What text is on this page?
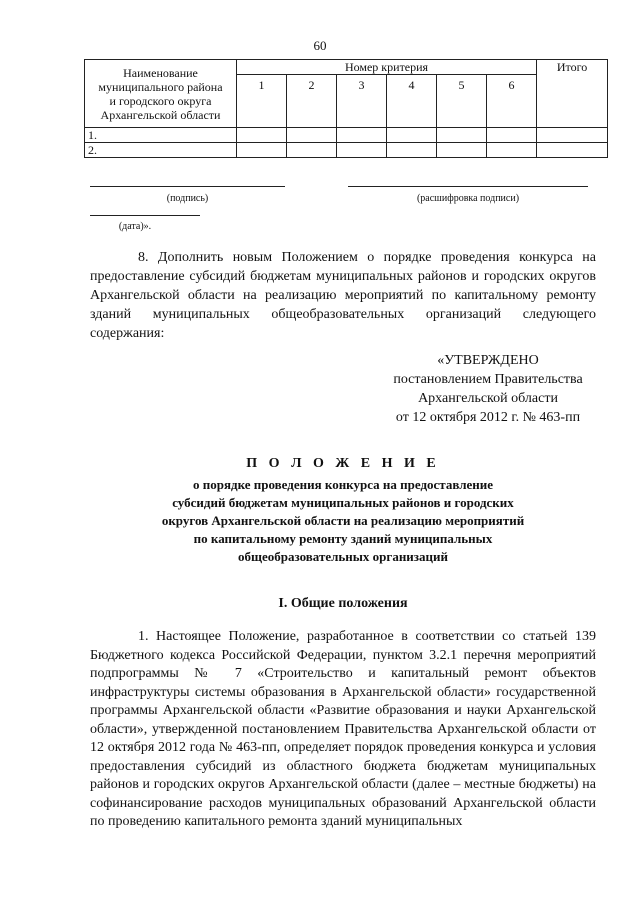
60
Наименование
муниципального района
и городского округа
Архангельской области	Номер критерия						Итого
	1	2	3	4	5	6	
1.							
2.							
(подпись)	(расшифровка подписи)
(дата)».

8. Дополнить новым Положением о порядке проведения конкурса на предоставление субсидий бюджетам муниципальных районов и городских округов Архангельской области на реализацию мероприятий по капитальному ремонту зданий муниципальных общеобразовательных организаций следующего содержания:

«УТВЕРЖДЕНО
постановлением Правительства
Архангельской области
от 12 октября 2012 г. № 463-пп
П О Л О Ж Е Н И Е
о порядке проведения конкурса на предоставление
субсидий бюджетам муниципальных районов и городских
округов Архангельской области на реализацию мероприятий
по капитальному ремонту зданий муниципальных
общеобразовательных организаций
I. Общие положения

1. Настоящее Положение, разработанное в соответствии со статьей 139 Бюджетного кодекса Российской Федерации, пунктом 3.2.1 перечня мероприятий подпрограммы № 7 «Строительство и капитальный ремонт объектов инфраструктуры системы образования в Архангельской области» государственной программы Архангельской области «Развитие образования и науки Архангельской области», утвержденной постановлением Правительства Архангельской области от 12 октября 2012 года № 463-пп, определяет порядок проведения конкурса и условия предоставления субсидий из областного бюджета бюджетам муниципальных районов и городских округов Архангельской области (далее – местные бюджеты) на софинансирование расходов муниципальных образований Архангельской области по проведению капитального ремонта зданий муниципальных
